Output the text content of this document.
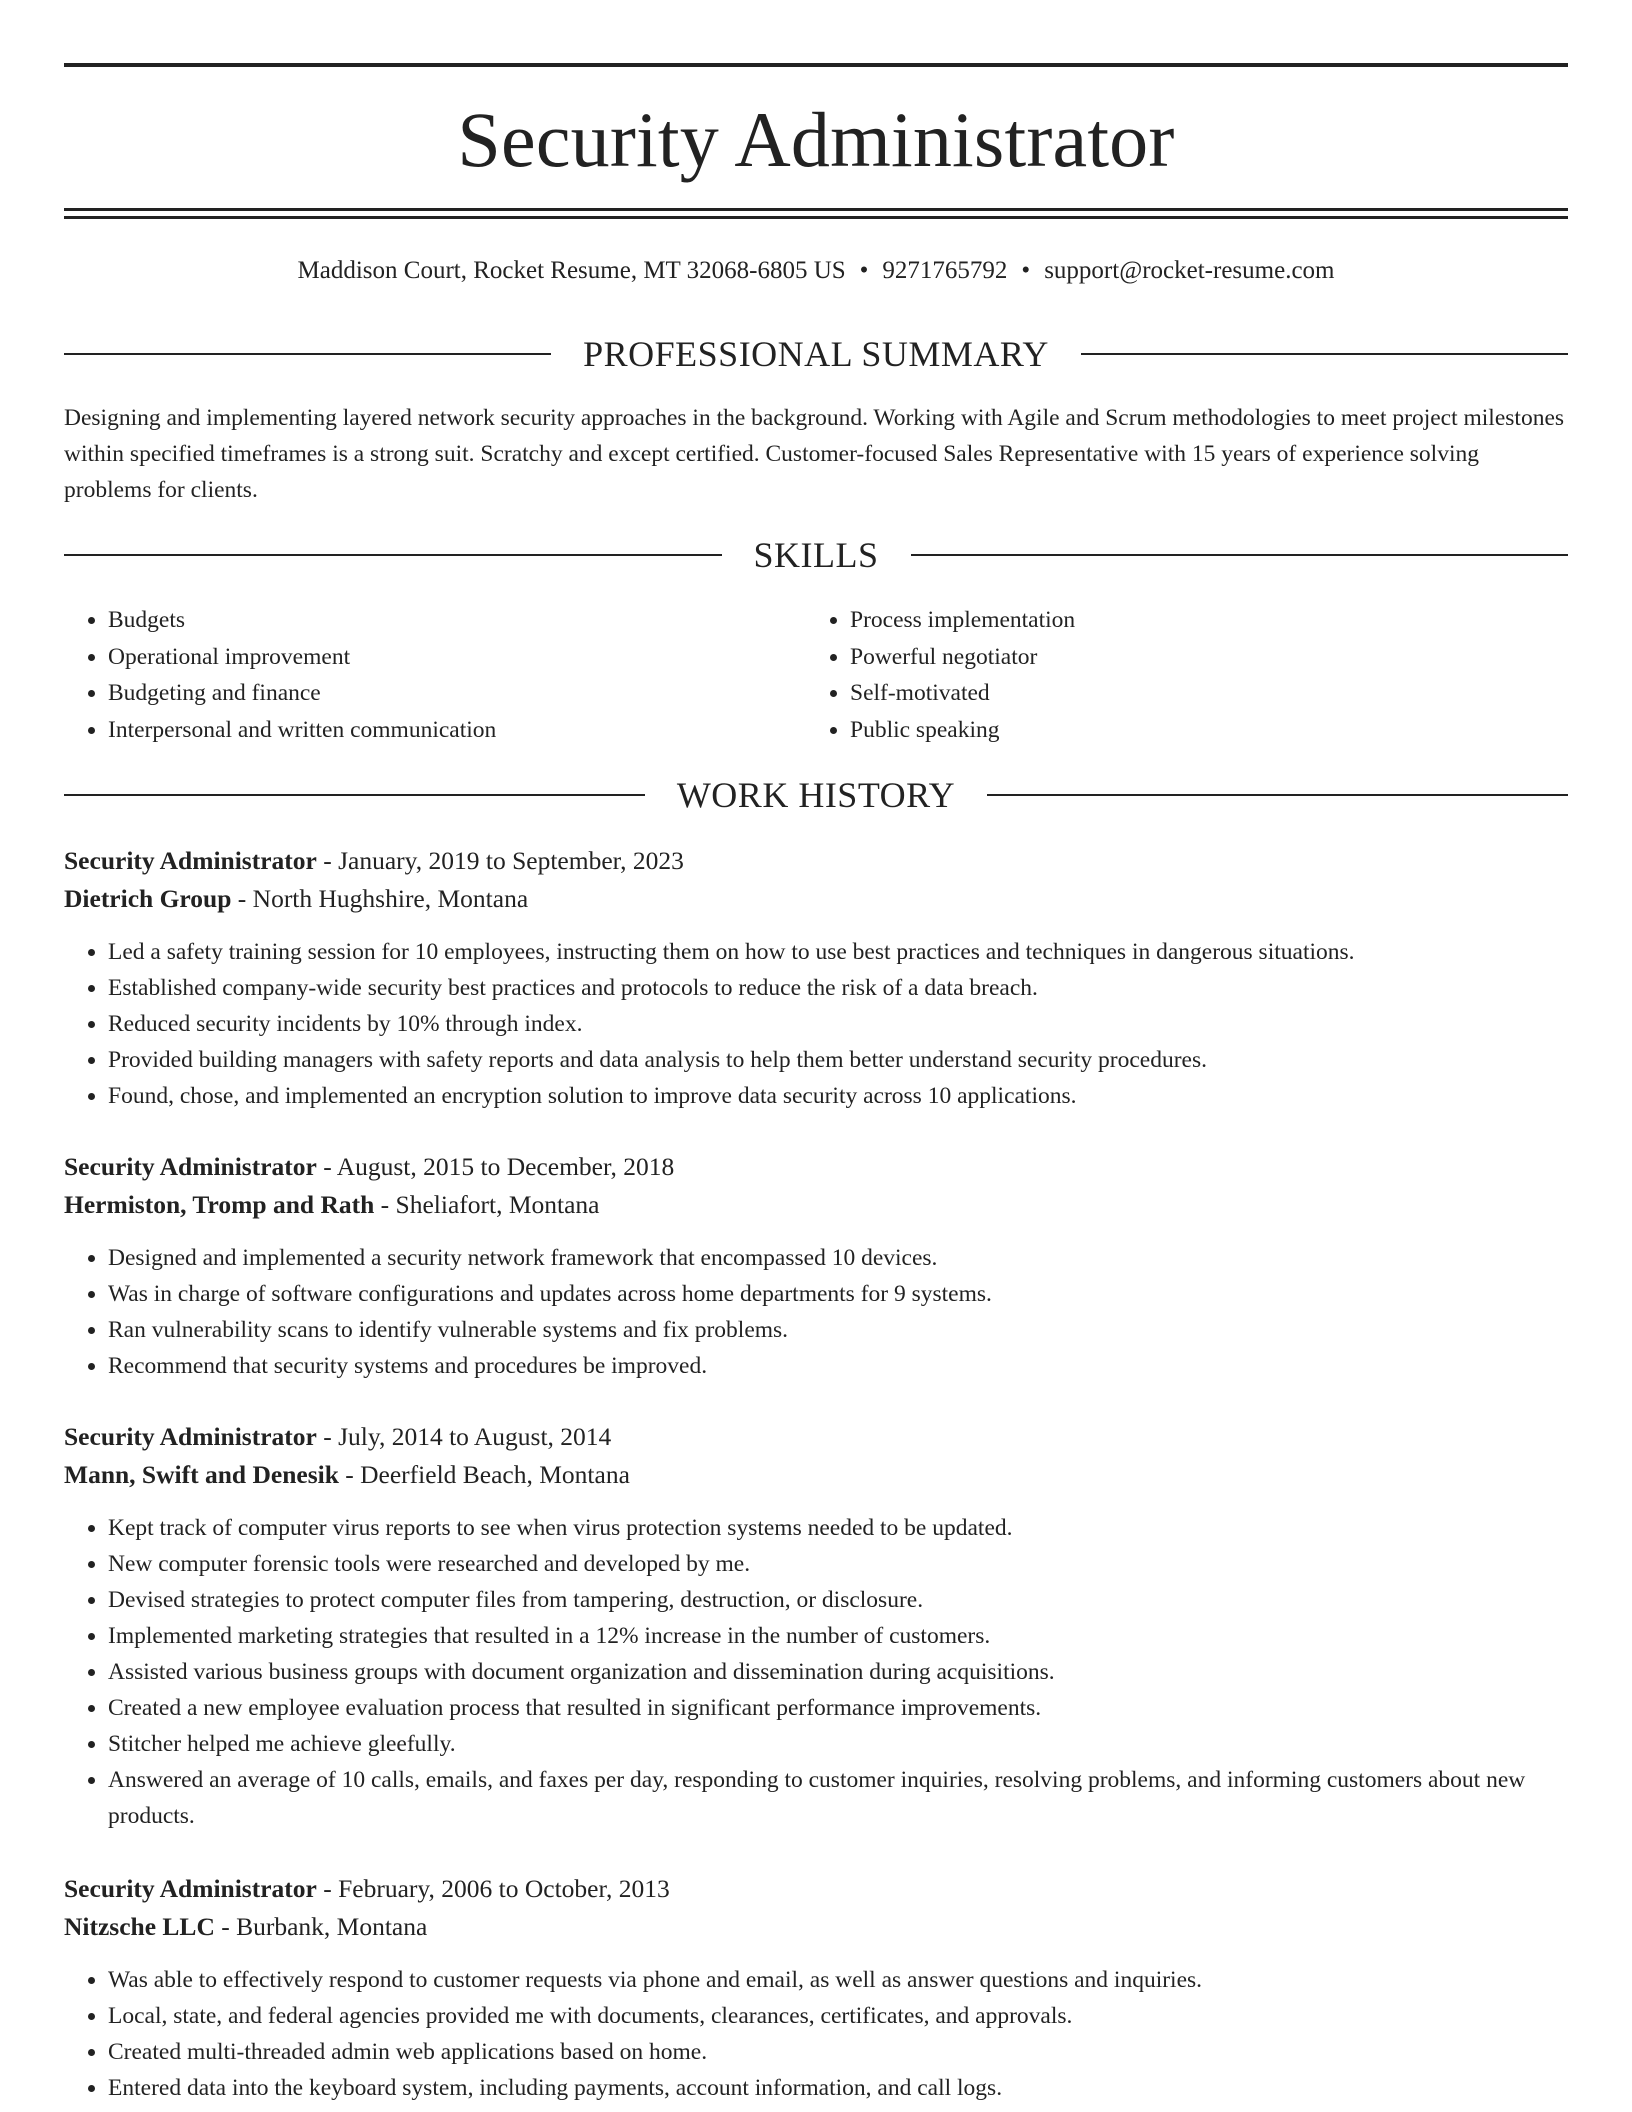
Security Administrator
Maddison Court, Rocket Resume, MT 32068-6805 US • 9271765792 • support@rocket-resume.com
PROFESSIONAL SUMMARY

Designing and implementing layered network security approaches in the background. Working with Agile and Scrum methodologies to meet project milestones within specified timeframes is a strong suit. Scratchy and except certified. Customer-focused Sales Representative with 15 years of experience solving problems for clients.

SKILLS
• Budgets
• Operational improvement
• Budgeting and finance
• Interpersonal and written communication
• Process implementation
• Powerful negotiator
• Self-motivated
• Public speaking
WORK HISTORY

Security Administrator - January, 2019 to September, 2023

Dietrich Group - North Hughshire, Montana

• Led a safety training session for 10 employees, instructing them on how to use best practices and techniques in dangerous situations.
• Established company-wide security best practices and protocols to reduce the risk of a data breach.
• Reduced security incidents by 10% through index.
• Provided building managers with safety reports and data analysis to help them better understand security procedures.
• Found, chose, and implemented an encryption solution to improve data security across 10 applications.

Security Administrator - August, 2015 to December, 2018

Hermiston, Tromp and Rath - Sheliafort, Montana

• Designed and implemented a security network framework that encompassed 10 devices.
• Was in charge of software configurations and updates across home departments for 9 systems.
• Ran vulnerability scans to identify vulnerable systems and fix problems.
• Recommend that security systems and procedures be improved.

Security Administrator - July, 2014 to August, 2014

Mann, Swift and Denesik - Deerfield Beach, Montana

• Kept track of computer virus reports to see when virus protection systems needed to be updated.
• New computer forensic tools were researched and developed by me.
• Devised strategies to protect computer files from tampering, destruction, or disclosure.
• Implemented marketing strategies that resulted in a 12% increase in the number of customers.
• Assisted various business groups with document organization and dissemination during acquisitions.
• Created a new employee evaluation process that resulted in significant performance improvements.
• Stitcher helped me achieve gleefully.
• Answered an average of 10 calls, emails, and faxes per day, responding to customer inquiries, resolving problems, and informing customers about new products.

Security Administrator - February, 2006 to October, 2013

Nitzsche LLC - Burbank, Montana

• Was able to effectively respond to customer requests via phone and email, as well as answer questions and inquiries.
• Local, state, and federal agencies provided me with documents, clearances, certificates, and approvals.
• Created multi-threaded admin web applications based on home.
• Entered data into the keyboard system, including payments, account information, and call logs.
